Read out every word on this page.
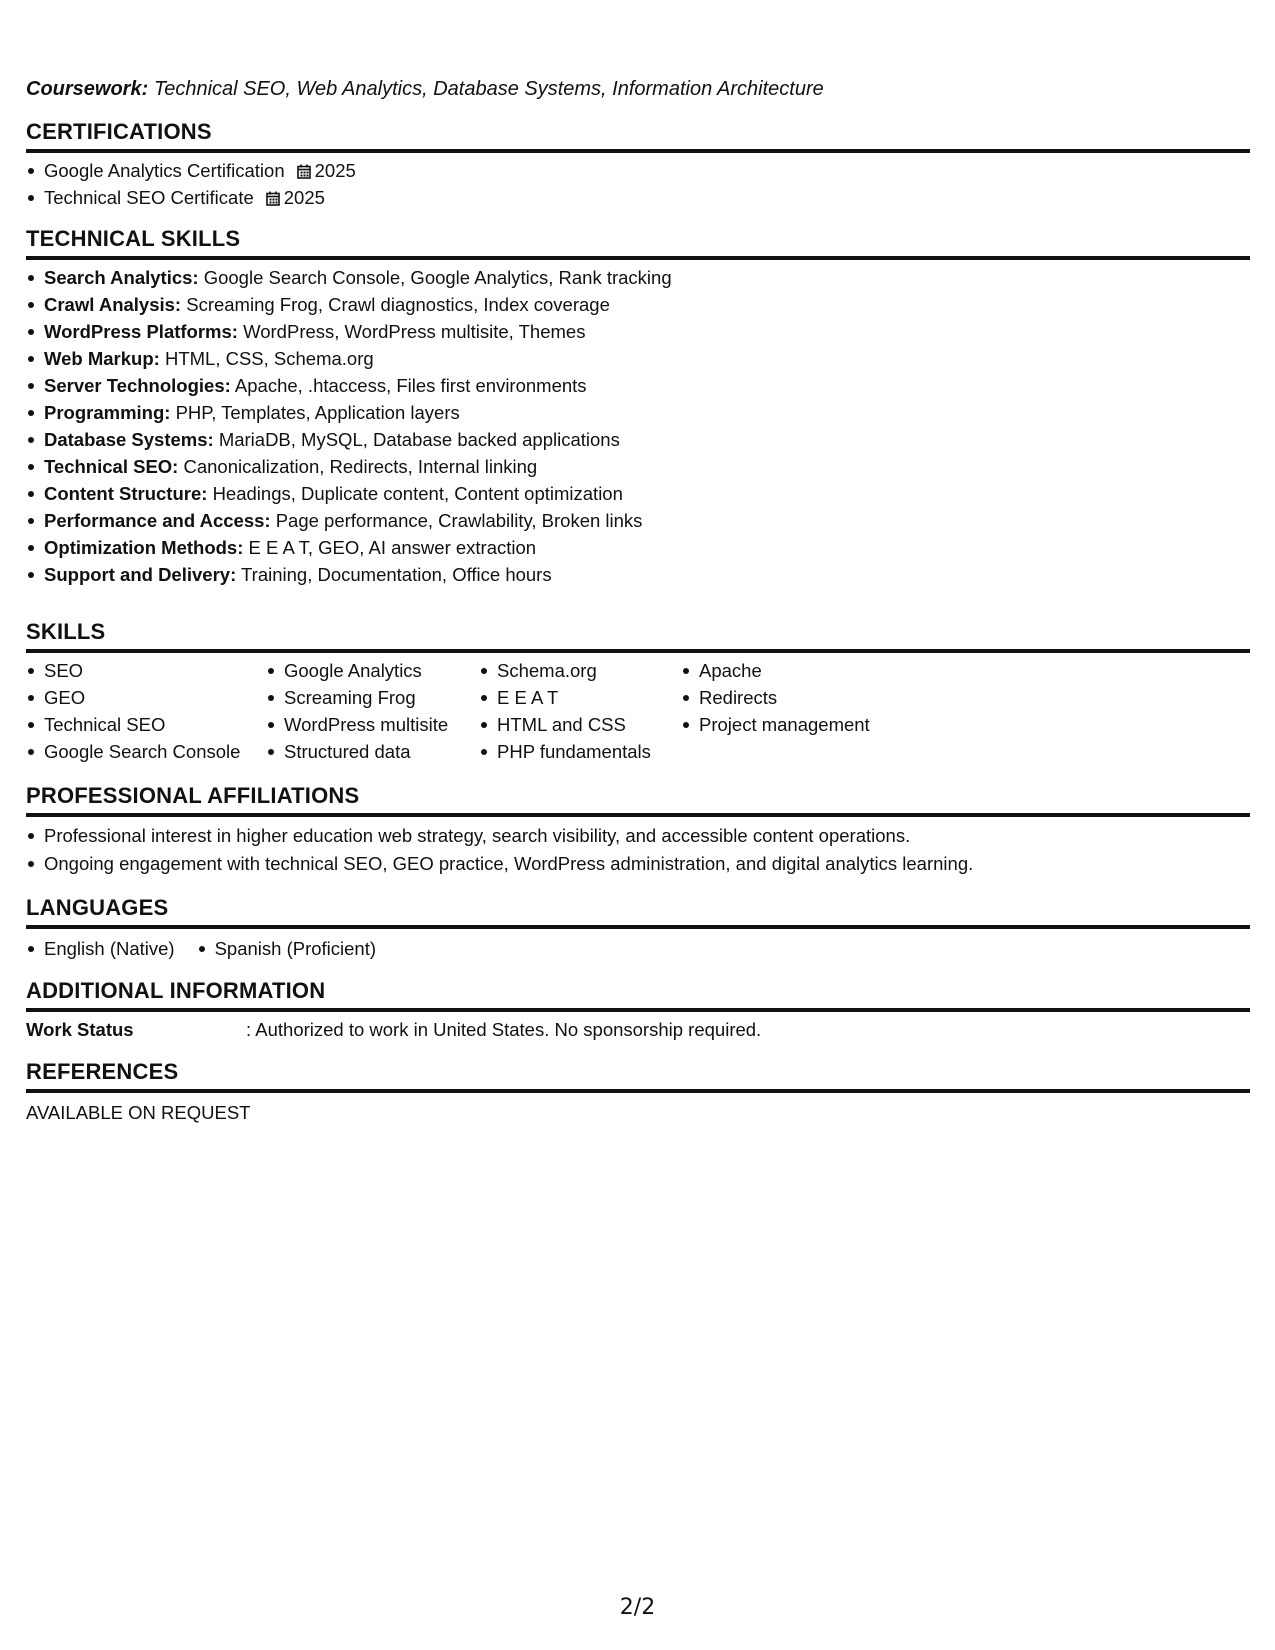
Coursework: Technical SEO, Web Analytics, Database Systems, Information Architecture
CERTIFICATIONS
Google Analytics Certification 2025
Technical SEO Certificate 2025
TECHNICAL SKILLS
Search Analytics: Google Search Console, Google Analytics, Rank tracking
Crawl Analysis: Screaming Frog, Crawl diagnostics, Index coverage
WordPress Platforms: WordPress, WordPress multisite, Themes
Web Markup: HTML, CSS, Schema.org
Server Technologies: Apache, .htaccess, Files first environments
Programming: PHP, Templates, Application layers
Database Systems: MariaDB, MySQL, Database backed applications
Technical SEO: Canonicalization, Redirects, Internal linking
Content Structure: Headings, Duplicate content, Content optimization
Performance and Access: Page performance, Crawlability, Broken links
Optimization Methods: E E A T, GEO, AI answer extraction
Support and Delivery: Training, Documentation, Office hours
SKILLS
SEO
GEO
Technical SEO
Google Search Console
Google Analytics
Screaming Frog
WordPress multisite
Structured data
Schema.org
E E A T
HTML and CSS
PHP fundamentals
Apache
Redirects
Project management
PROFESSIONAL AFFILIATIONS
Professional interest in higher education web strategy, search visibility, and accessible content operations.
Ongoing engagement with technical SEO, GEO practice, WordPress administration, and digital analytics learning.
LANGUAGES
English (Native)	Spanish (Proficient)
ADDITIONAL INFORMATION
Work Status	: Authorized to work in United States. No sponsorship required.
REFERENCES
AVAILABLE ON REQUEST
2/2
